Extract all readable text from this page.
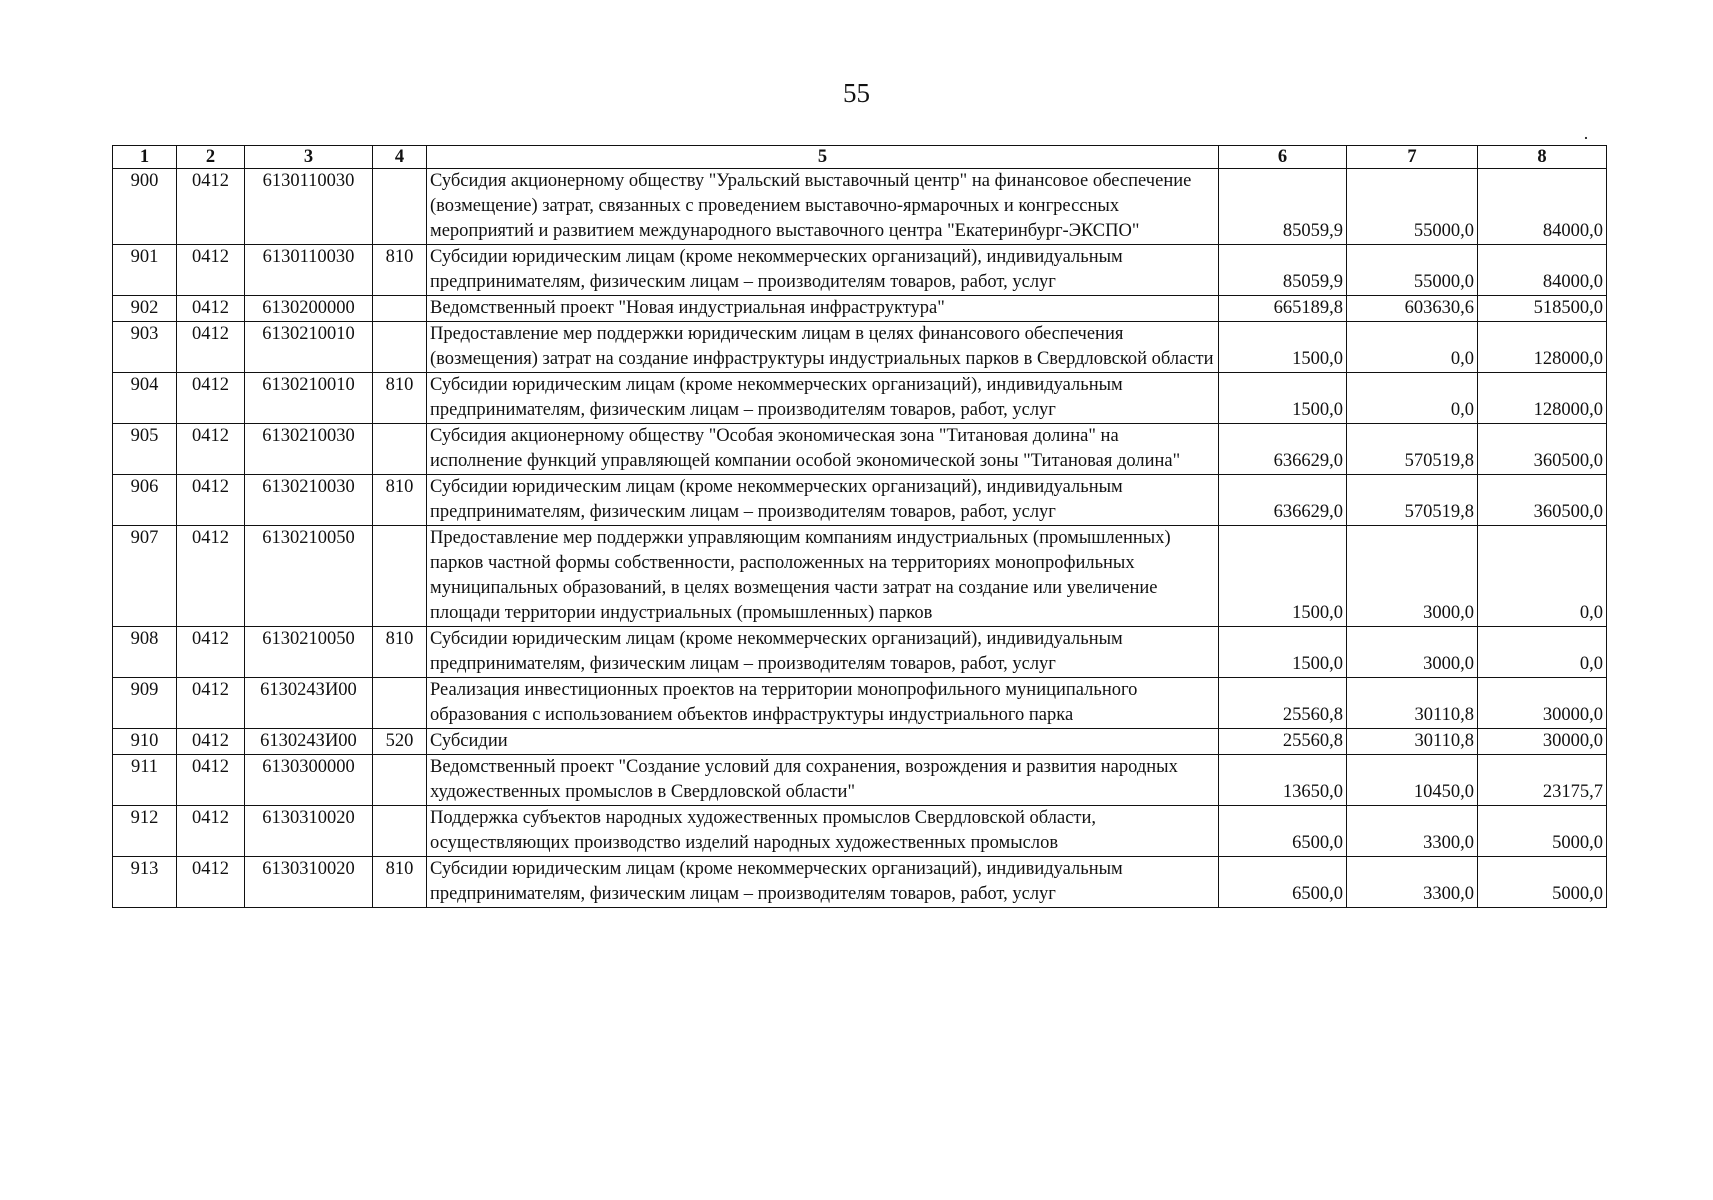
55
·
1	2	3	4	5	6	7	8
900	0412	6130110030		Субсидия акционерному обществу "Уральский выставочный центр" на финансовое обеспечение (возмещение) затрат, связанных с проведением выставочно-ярмарочных и конгрессных мероприятий и развитием международного выставочного центра "Екатеринбург-ЭКСПО"	85059,9	55000,0	84000,0
901	0412	6130110030	810	Субсидии юридическим лицам (кроме некоммерческих организаций), индивидуальным предпринимателям, физическим лицам – производителям товаров, работ, услуг	85059,9	55000,0	84000,0
902	0412	6130200000		Ведомственный проект "Новая индустриальная инфраструктура"	665189,8	603630,6	518500,0
903	0412	6130210010		Предоставление мер поддержки юридическим лицам в целях финансового обеспечения (возмещения) затрат на создание инфраструктуры индустриальных парков в Свердловской области	1500,0	0,0	128000,0
904	0412	6130210010	810	Субсидии юридическим лицам (кроме некоммерческих организаций), индивидуальным предпринимателям, физическим лицам – производителям товаров, работ, услуг	1500,0	0,0	128000,0
905	0412	6130210030		Субсидия акционерному обществу "Особая экономическая зона "Титановая долина" на исполнение функций управляющей компании особой экономической зоны "Титановая долина"	636629,0	570519,8	360500,0
906	0412	6130210030	810	Субсидии юридическим лицам (кроме некоммерческих организаций), индивидуальным предпринимателям, физическим лицам – производителям товаров, работ, услуг	636629,0	570519,8	360500,0
907	0412	6130210050		Предоставление мер поддержки управляющим компаниям индустриальных (промышленных) парков частной формы собственности, расположенных на территориях монопрофильных муниципальных образований, в целях возмещения части затрат на создание или увеличение площади территории индустриальных (промышленных) парков	1500,0	3000,0	0,0
908	0412	6130210050	810	Субсидии юридическим лицам (кроме некоммерческих организаций), индивидуальным предпринимателям, физическим лицам – производителям товаров, работ, услуг	1500,0	3000,0	0,0
909	0412	613024ЗИ00		Реализация инвестиционных проектов на территории монопрофильного муниципального образования с использованием объектов инфраструктуры индустриального парка	25560,8	30110,8	30000,0
910	0412	613024ЗИ00	520	Субсидии	25560,8	30110,8	30000,0
911	0412	6130300000		Ведомственный проект "Создание условий для сохранения, возрождения и развития народных художественных промыслов в Свердловской области"	13650,0	10450,0	23175,7
912	0412	6130310020		Поддержка субъектов народных художественных промыслов Свердловской области, осуществляющих производство изделий народных художественных промыслов	6500,0	3300,0	5000,0
913	0412	6130310020	810	Субсидии юридическим лицам (кроме некоммерческих организаций), индивидуальным предпринимателям, физическим лицам – производителям товаров, работ, услуг	6500,0	3300,0	5000,0
